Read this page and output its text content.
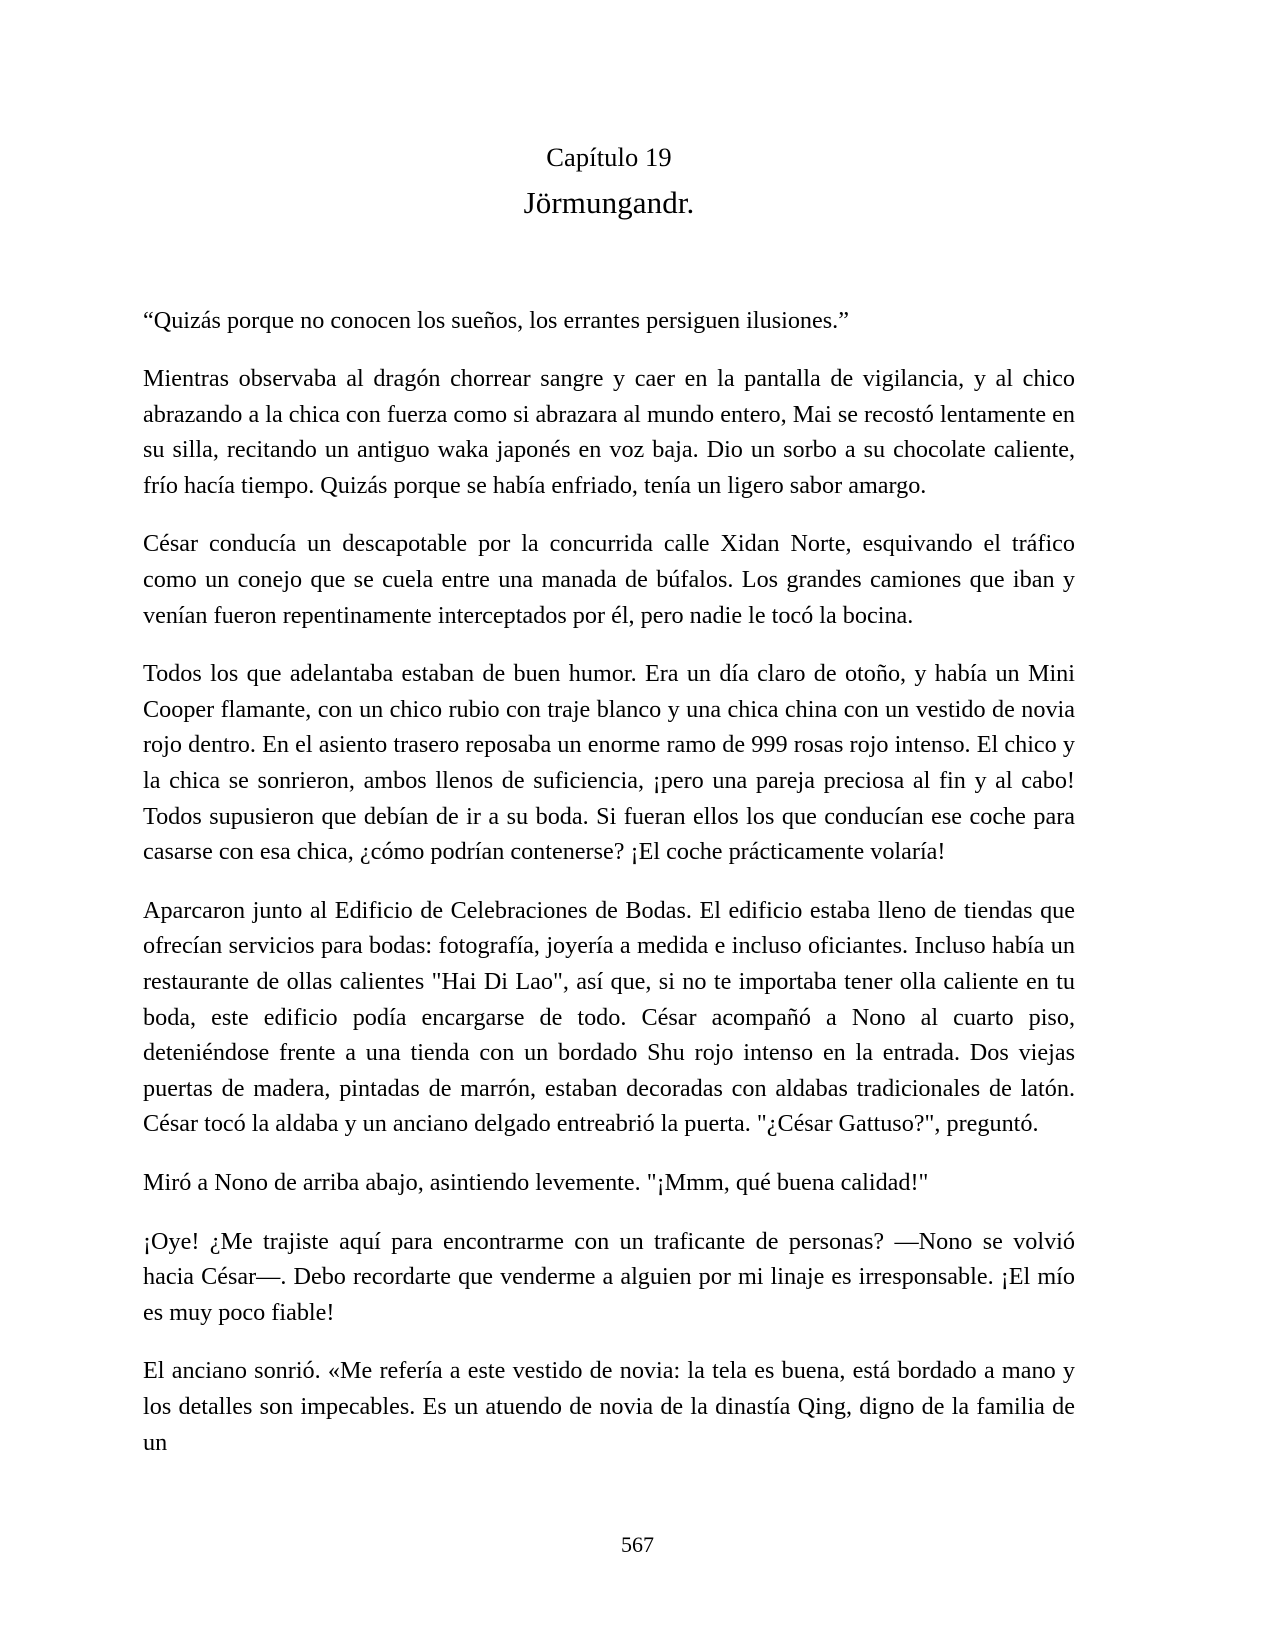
Capítulo 19
Jörmungandr.

“Quizás porque no conocen los sueños, los errantes persiguen ilusiones.”

Mientras observaba al dragón chorrear sangre y caer en la pantalla de vigilancia, y al chico abrazando a la chica con fuerza como si abrazara al mundo entero, Mai se recostó lentamente en su silla, recitando un antiguo waka japonés en voz baja. Dio un sorbo a su chocolate caliente, frío hacía tiempo. Quizás porque se había enfriado, tenía un ligero sabor amargo.

César conducía un descapotable por la concurrida calle Xidan Norte, esquivando el tráfico como un conejo que se cuela entre una manada de búfalos. Los grandes camiones que iban y venían fueron repentinamente interceptados por él, pero nadie le tocó la bocina.

Todos los que adelantaba estaban de buen humor. Era un día claro de otoño, y había un Mini Cooper flamante, con un chico rubio con traje blanco y una chica china con un vestido de novia rojo dentro. En el asiento trasero reposaba un enorme ramo de 999 rosas rojo intenso. El chico y la chica se sonrieron, ambos llenos de suficiencia, ¡pero una pareja preciosa al fin y al cabo! Todos supusieron que debían de ir a su boda. Si fueran ellos los que conducían ese coche para casarse con esa chica, ¿cómo podrían contenerse? ¡El coche prácticamente volaría!

Aparcaron junto al Edificio de Celebraciones de Bodas. El edificio estaba lleno de tiendas que ofrecían servicios para bodas: fotografía, joyería a medida e incluso oficiantes. Incluso había un restaurante de ollas calientes "Hai Di Lao", así que, si no te importaba tener olla caliente en tu boda, este edificio podía encargarse de todo. César acompañó a Nono al cuarto piso, deteniéndose frente a una tienda con un bordado Shu rojo intenso en la entrada. Dos viejas puertas de madera, pintadas de marrón, estaban decoradas con aldabas tradicionales de latón. César tocó la aldaba y un anciano delgado entreabrió la puerta. "¿César Gattuso?", preguntó.

Miró a Nono de arriba abajo, asintiendo levemente. "¡Mmm, qué buena calidad!"

¡Oye! ¿Me trajiste aquí para encontrarme con un traficante de personas? —Nono se volvió hacia César—. Debo recordarte que venderme a alguien por mi linaje es irresponsable. ¡El mío es muy poco fiable!

El anciano sonrió. «Me refería a este vestido de novia: la tela es buena, está bordado a mano y los detalles son impecables. Es un atuendo de novia de la dinastía Qing, digno de la familia de un

567
